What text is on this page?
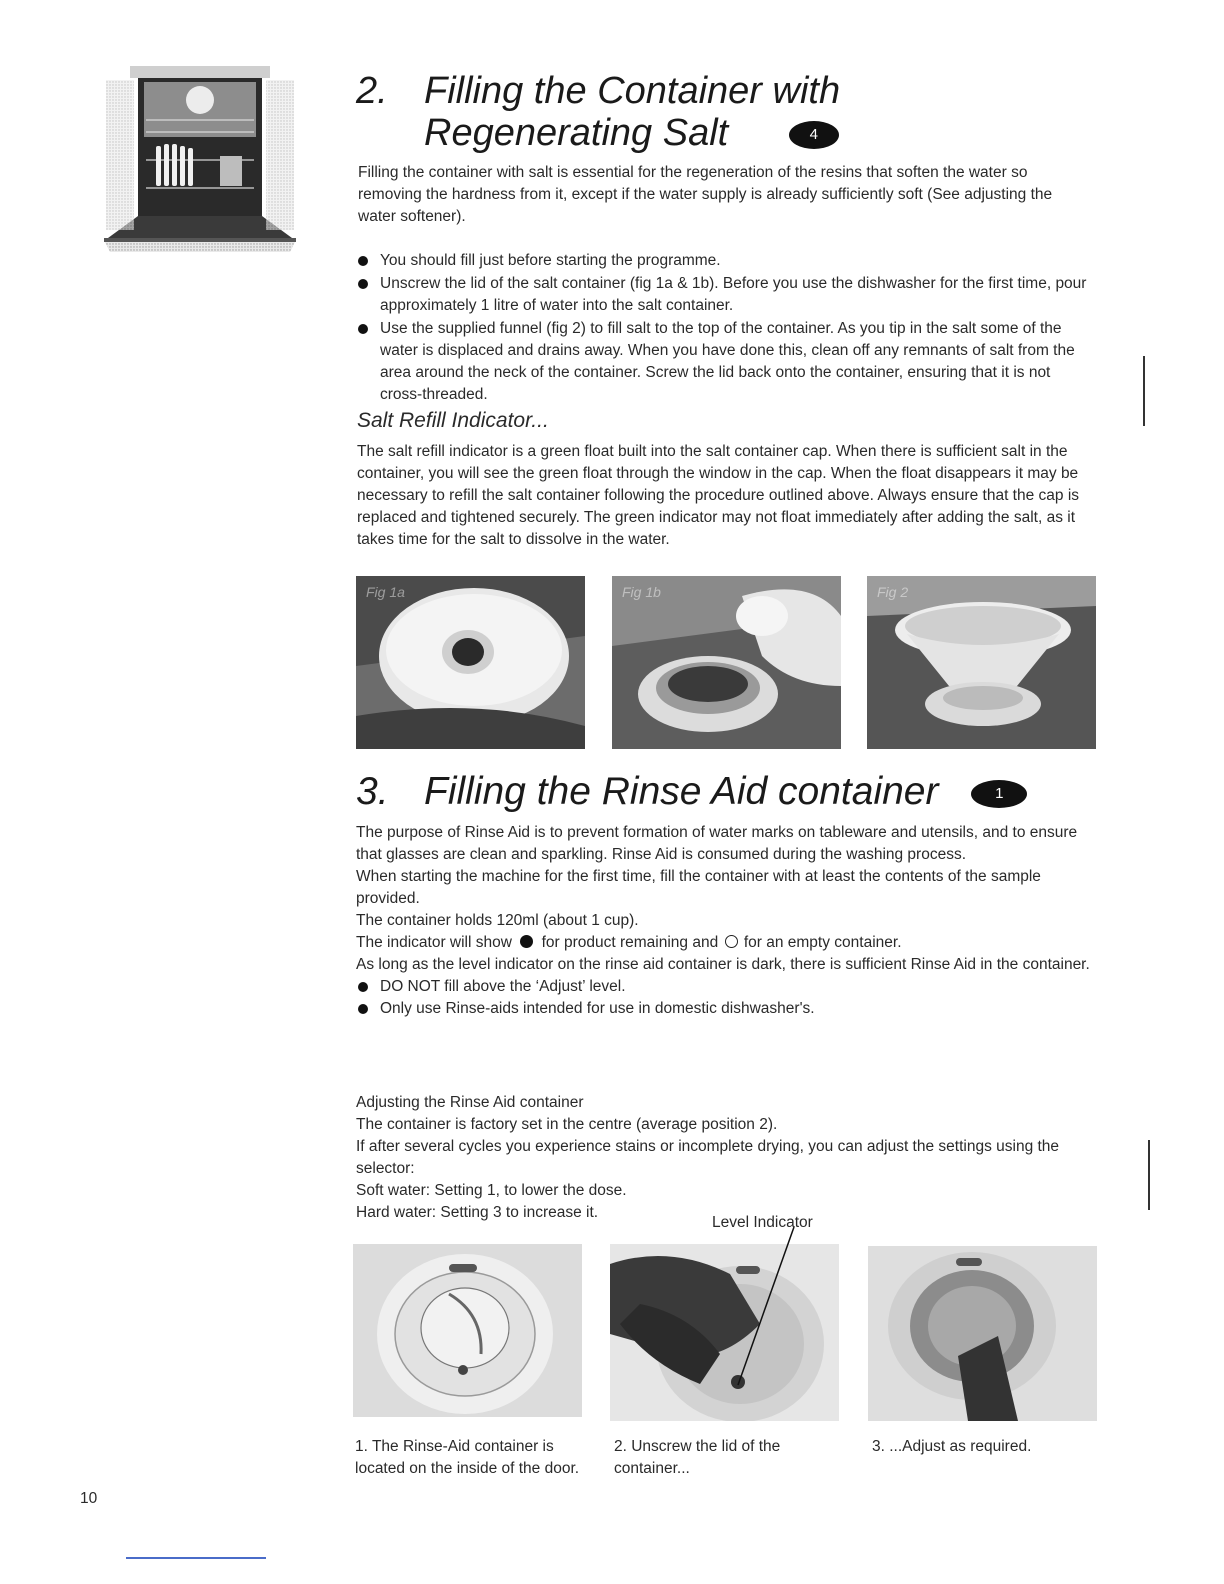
2. Filling the Container with
Regenerating Salt	4

Filling the container with salt is essential for the regeneration of the resins that soften the water so removing the hardness from it, except if the water supply is already sufficiently soft (See adjusting the water softener).

You should fill just before starting the programme.

Unscrew the lid of the salt container (fig 1a & 1b). Before you use the dishwasher for the first time, pour approximately 1 litre of water into the salt container.

Use the supplied funnel (fig 2) to fill salt to the top of the container. As you tip in the salt some of the water is displaced and drains away. When you have done this, clean off any remnants of salt from the area around the neck of the container. Screw the lid back onto the container, ensuring that it is not cross-threaded.

Salt Refill Indicator...

The salt refill indicator is a green float built into the salt container cap. When there is sufficient salt in the container, you will see the green float through the window in the cap. When the float disappears it may be necessary to refill the salt container following the procedure outlined above. Always ensure that the cap is replaced and tightened securely. The green indicator may not float immediately after adding the salt, as it takes time for the salt to dissolve in the water.

Fig 1a	Fig 1b	Fig 2
3. Filling the Rinse Aid container	1

The purpose of Rinse Aid is to prevent formation of water marks on tableware and utensils, and to ensure that glasses are clean and sparkling. Rinse Aid is consumed during the washing process.

When starting the machine for the first time, fill the container with at least the contents of the sample provided.

The container holds 120ml (about 1 cup).

The indicator will show for product remaining and for an empty container.

As long as the level indicator on the rinse aid container is dark, there is sufficient Rinse Aid in the container.

DO NOT fill above the ‘Adjust’ level.

Only use Rinse-aids intended for use in domestic dishwasher's.

Adjusting the Rinse Aid container

The container is factory set in the centre (average position 2).

If after several cycles you experience stains or incomplete drying, you can adjust the settings using the selector:

Soft water: Setting 1, to lower the dose.

Hard water: Setting 3 to increase it.

Level Indicator
1. The Rinse-Aid container is located on the inside of the door.
2. Unscrew the lid of the container...
3. ...Adjust as required.
10
